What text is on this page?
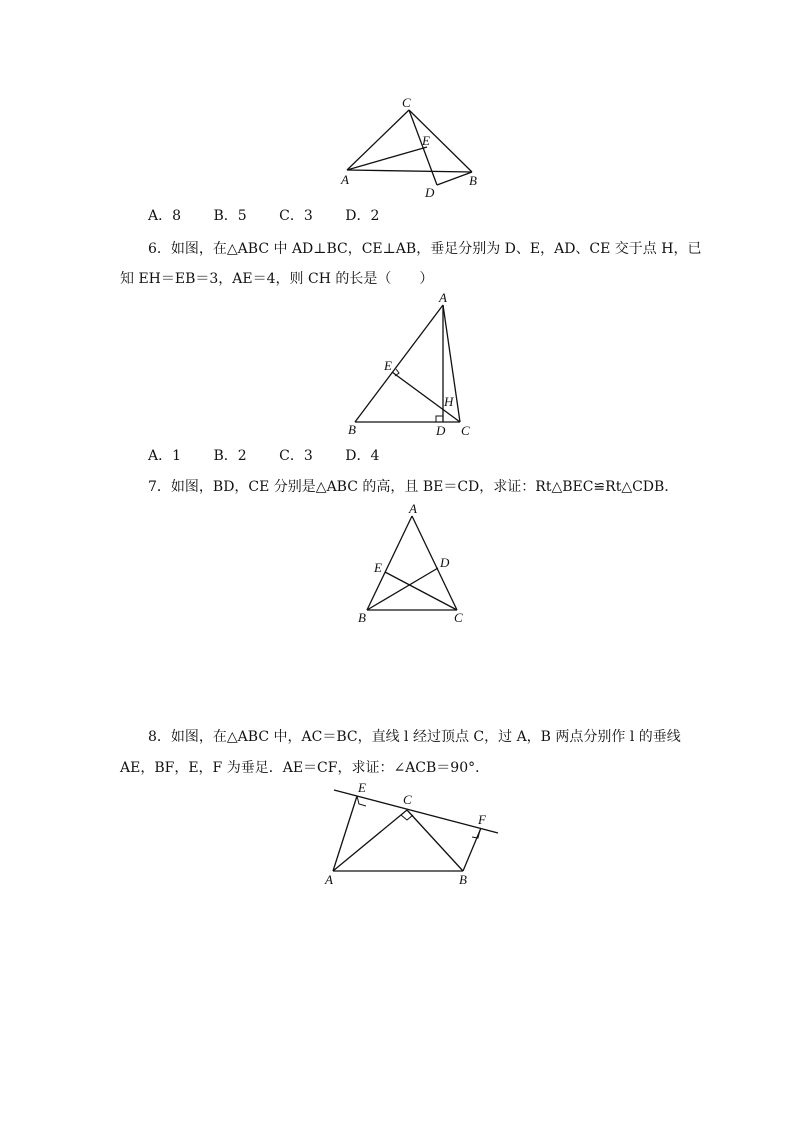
C
E
A
D
B
A．8 B．5 C．3 D．2
6．如图，在△ABC 中 AD⊥BC，CE⊥AB，垂足分别为 D、E，AD、CE 交于点 H，已
知 EH＝EB＝3，AE＝4，则 CH 的长是（　　）
A
E
H
B	D C
A．1 B．2 C．3 D．4
7．如图，BD，CE 分别是△ABC 的高，且 BE＝CD，求证：Rt△BEC≌Rt△CDB．
A
E	D
B	C
8．如图，在△ABC 中，AC＝BC，直线 l 经过顶点 C，过 A，B 两点分别作 l 的垂线
AE，BF，E，F 为垂足．AE＝CF，求证：∠ACB＝90°．
E
C
F
A	B
